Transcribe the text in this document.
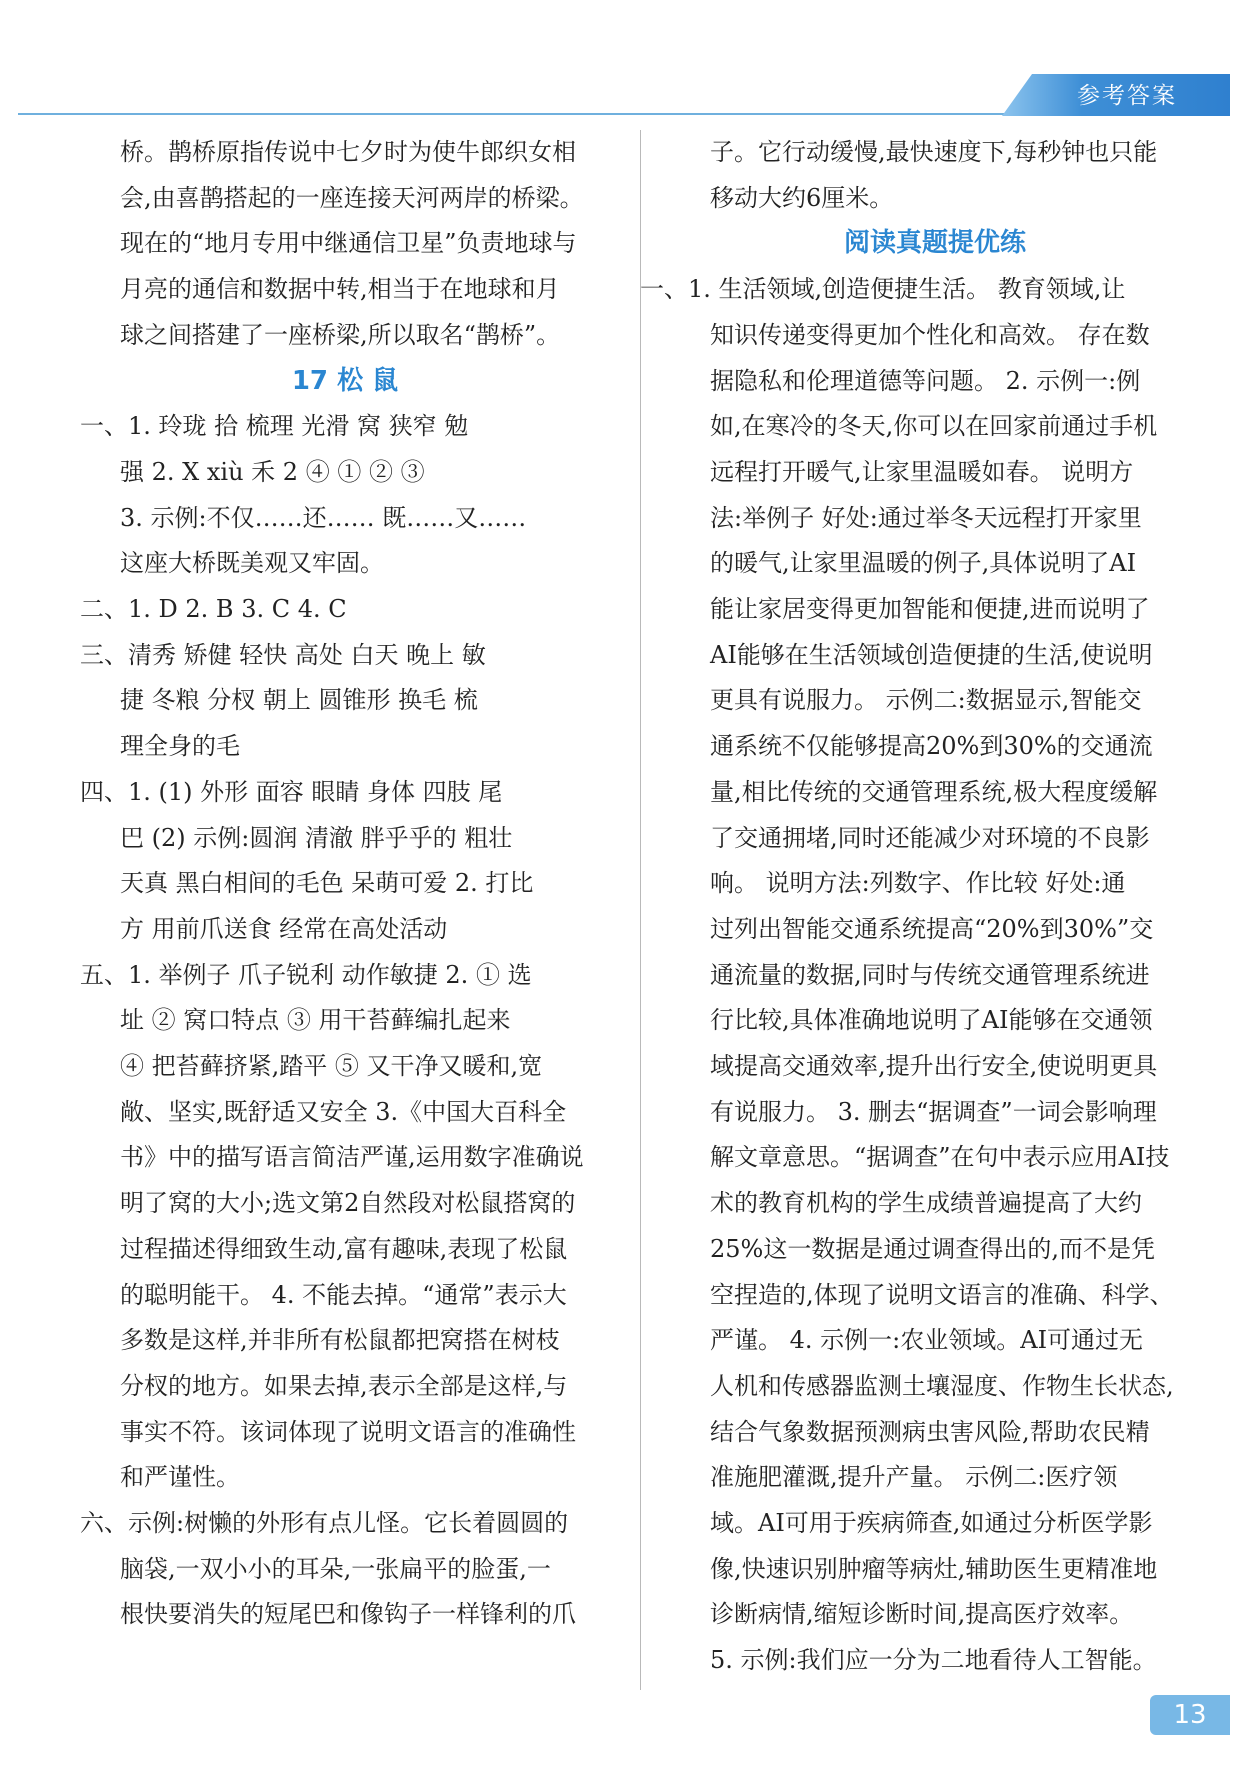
参考答案

桥。鹊桥原指传说中七夕时为使牛郎织女相

会,由喜鹊搭起的一座连接天河两岸的桥梁。

现在的“地月专用中继通信卫星”负责地球与

月亮的通信和数据中转,相当于在地球和月

球之间搭建了一座桥梁,所以取名“鹊桥”。

17 松 鼠

一、1. 玲珑 拾 梳理 光滑 窝 狭窄 勉

强 2. X xiù 禾 2 ④ ① ② ③

3. 示例:不仅……还…… 既……又……

这座大桥既美观又牢固。

二、1. D 2. B 3. C 4. C

三、清秀 矫健 轻快 高处 白天 晚上 敏

捷 冬粮 分杈 朝上 圆锥形 换毛 梳

理全身的毛

四、1. (1) 外形 面容 眼睛 身体 四肢 尾

巴 (2) 示例:圆润 清澈 胖乎乎的 粗壮

天真 黑白相间的毛色 呆萌可爱 2. 打比

方 用前爪送食 经常在高处活动

五、1. 举例子 爪子锐利 动作敏捷 2. ① 选

址 ② 窝口特点 ③ 用干苔藓编扎起来

④ 把苔藓挤紧,踏平 ⑤ 又干净又暖和,宽

敞、坚实,既舒适又安全 3.《中国大百科全

书》中的描写语言简洁严谨,运用数字准确说

明了窝的大小;选文第2自然段对松鼠搭窝的

过程描述得细致生动,富有趣味,表现了松鼠

的聪明能干。 4. 不能去掉。“通常”表示大

多数是这样,并非所有松鼠都把窝搭在树枝

分杈的地方。如果去掉,表示全部是这样,与

事实不符。该词体现了说明文语言的准确性

和严谨性。

六、示例:树懒的外形有点儿怪。它长着圆圆的

脑袋,一双小小的耳朵,一张扁平的脸蛋,一

根快要消失的短尾巴和像钩子一样锋利的爪

子。它行动缓慢,最快速度下,每秒钟也只能

移动大约6厘米。

阅读真题提优练

一、1. 生活领域,创造便捷生活。 教育领域,让

知识传递变得更加个性化和高效。 存在数

据隐私和伦理道德等问题。 2. 示例一:例

如,在寒冷的冬天,你可以在回家前通过手机

远程打开暖气,让家里温暖如春。 说明方

法:举例子 好处:通过举冬天远程打开家里

的暖气,让家里温暖的例子,具体说明了AI

能让家居变得更加智能和便捷,进而说明了

AI能够在生活领域创造便捷的生活,使说明

更具有说服力。 示例二:数据显示,智能交

通系统不仅能够提高20%到30%的交通流

量,相比传统的交通管理系统,极大程度缓解

了交通拥堵,同时还能减少对环境的不良影

响。 说明方法:列数字、作比较 好处:通

过列出智能交通系统提高“20%到30%”交

通流量的数据,同时与传统交通管理系统进

行比较,具体准确地说明了AI能够在交通领

域提高交通效率,提升出行安全,使说明更具

有说服力。 3. 删去“据调查”一词会影响理

解文章意思。“据调查”在句中表示应用AI技

术的教育机构的学生成绩普遍提高了大约

25%这一数据是通过调查得出的,而不是凭

空捏造的,体现了说明文语言的准确、科学、

严谨。 4. 示例一:农业领域。AI可通过无

人机和传感器监测土壤湿度、作物生长状态,

结合气象数据预测病虫害风险,帮助农民精

准施肥灌溉,提升产量。 示例二:医疗领

域。AI可用于疾病筛查,如通过分析医学影

像,快速识别肿瘤等病灶,辅助医生更精准地

诊断病情,缩短诊断时间,提高医疗效率。

5. 示例:我们应一分为二地看待人工智能。

13
